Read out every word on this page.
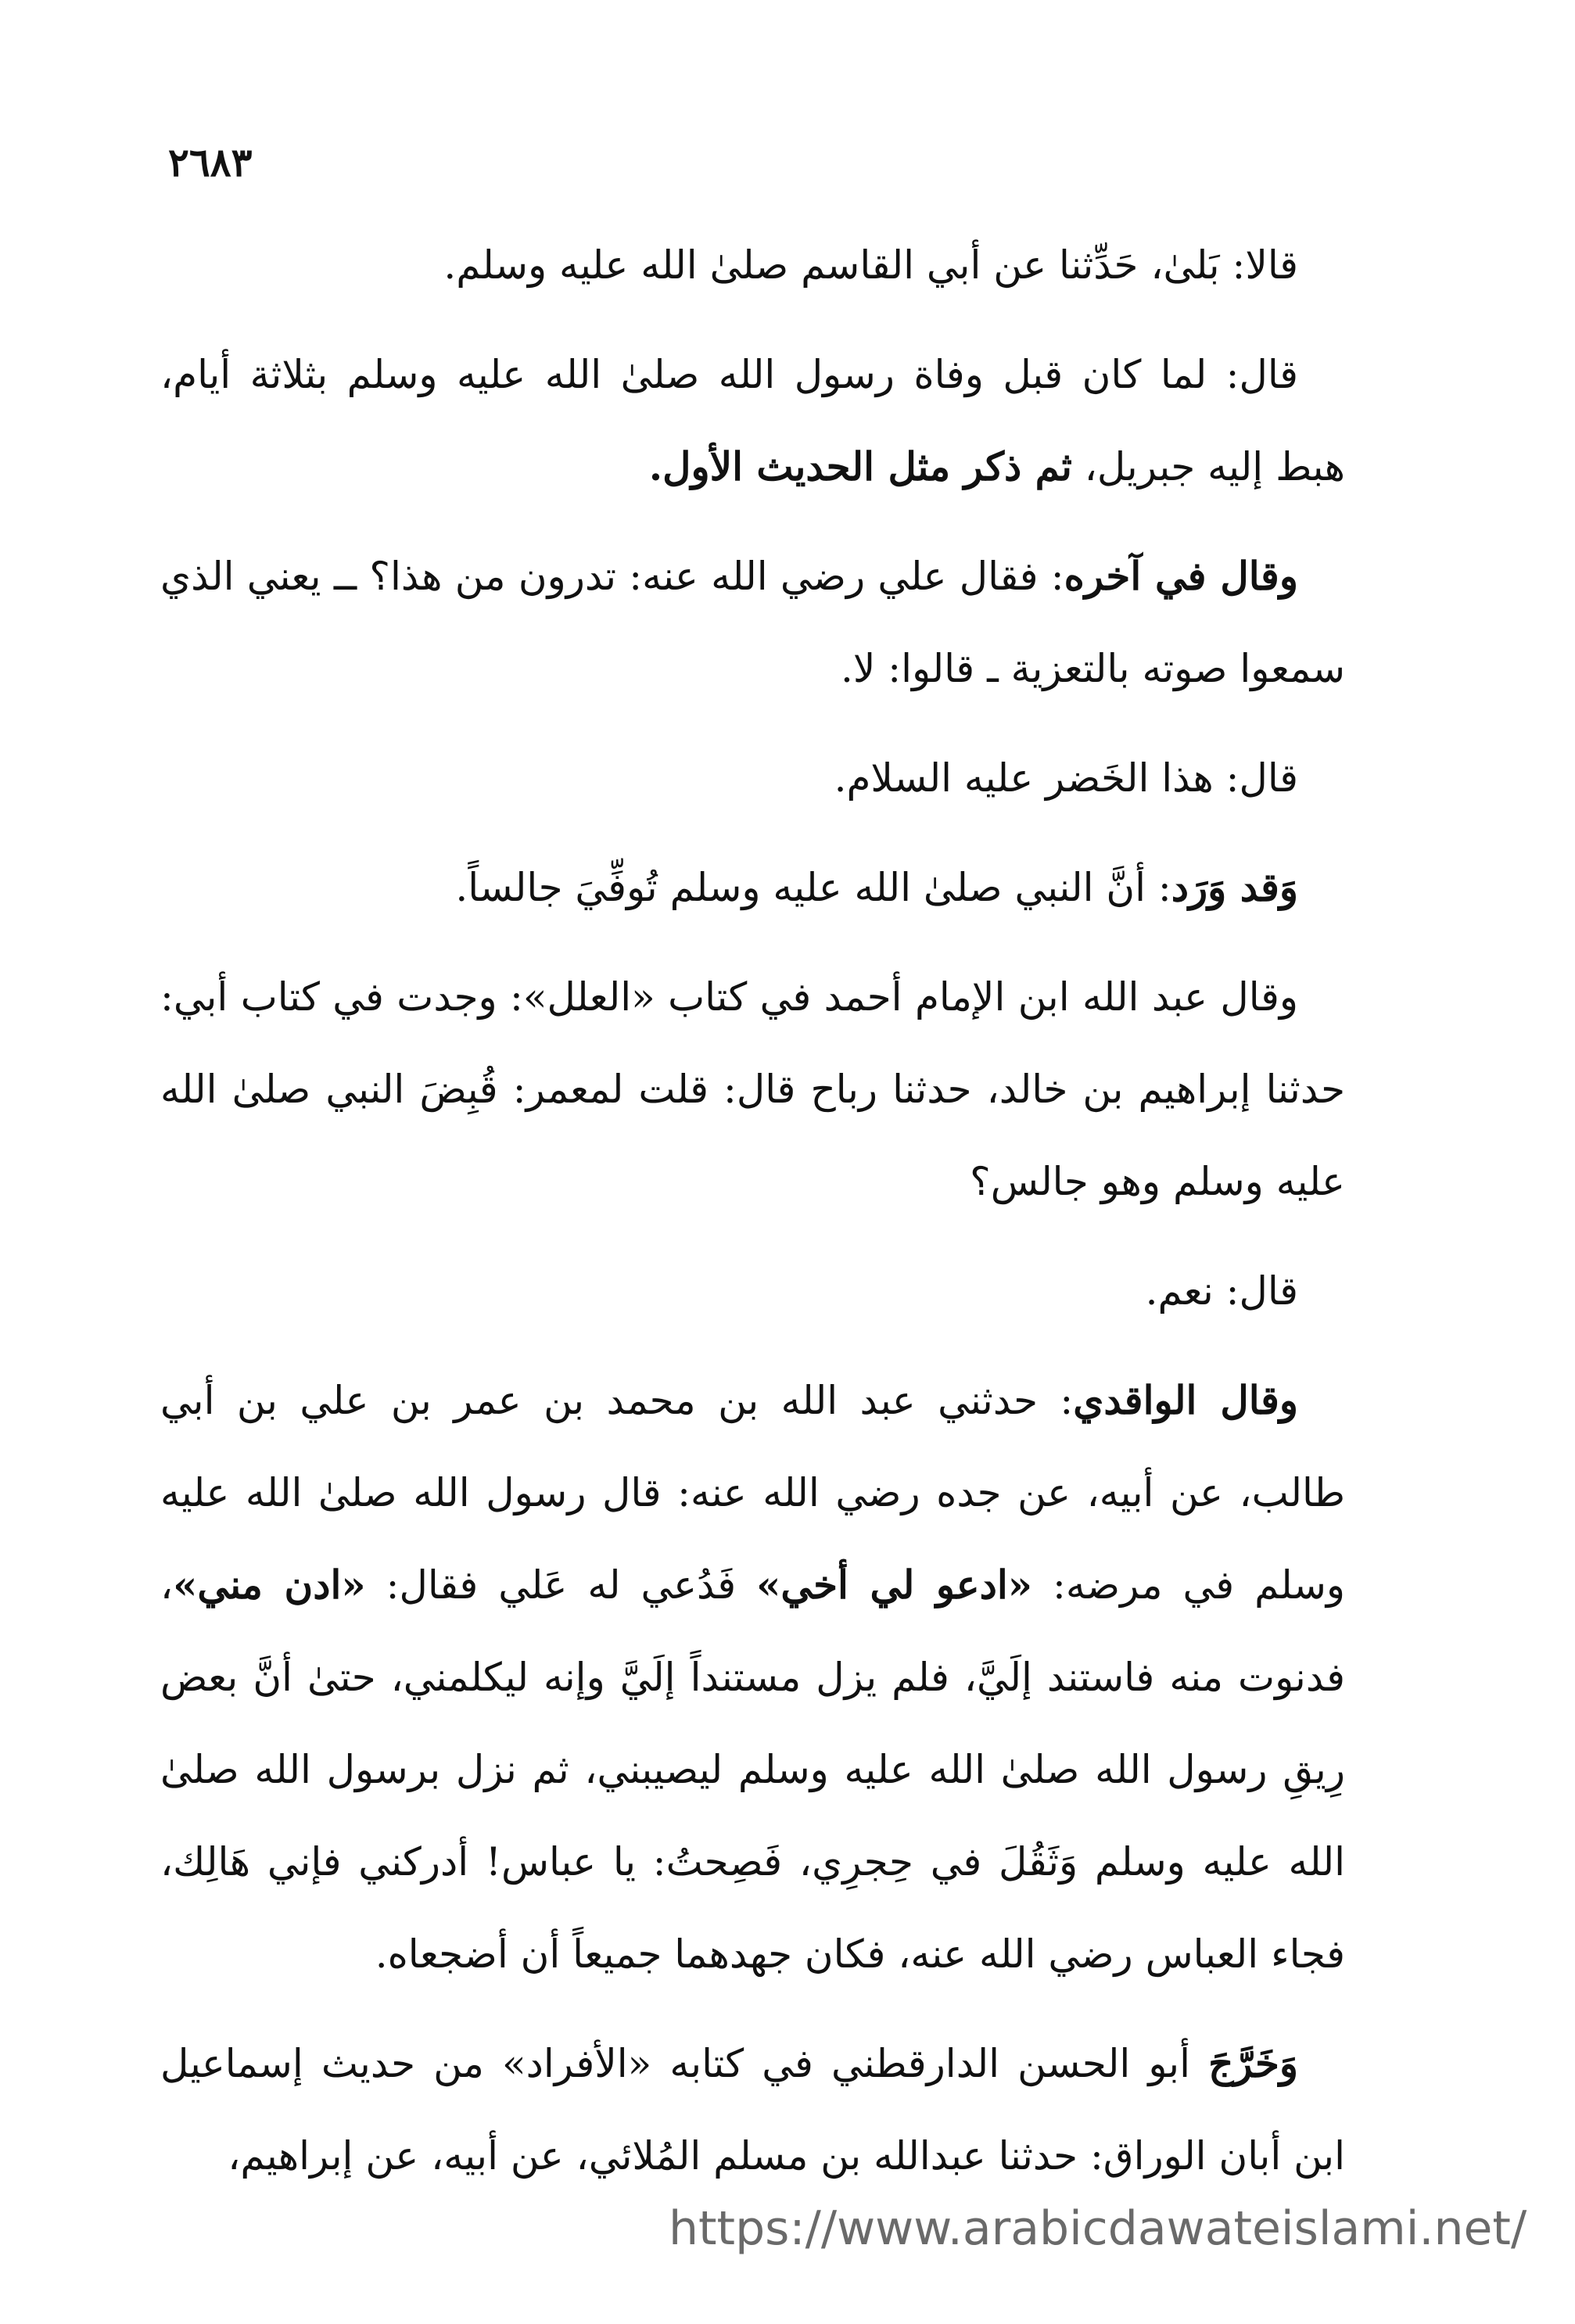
٢٦٨٣

قالا: بَلىٰ، حَدِّثنا عن أبي القاسم صلىٰ الله عليه وسلم.

قال: لما كان قبل وفاة رسول الله صلىٰ الله عليه وسلم بثلاثة أيام، هبط إليه جبريل، ثم ذكر مثل الحديث الأول.

وقال في آخره: فقال علي رضي الله عنه: تدرون من هذا؟ ــ يعني الذي سمعوا صوته بالتعزية ـ قالوا: لا.

قال: هذا الخَضر عليه السلام.

وَقد وَرَد: أنَّ النبي صلىٰ الله عليه وسلم تُوفِّيَ جالساً.

وقال عبد الله ابن الإمام أحمد في كتاب «العلل»: وجدت في كتاب أبي: حدثنا إبراهيم بن خالد، حدثنا رباح قال: قلت لمعمر: قُبِضَ النبي صلىٰ الله عليه وسلم وهو جالس؟

قال: نعم.

وقال الواقدي: حدثني عبد الله بن محمد بن عمر بن علي بن أبي طالب، عن أبيه، عن جده رضي الله عنه: قال رسول الله صلىٰ الله عليه وسلم في مرضه: «ادعو لي أخي» فَدُعي له عَلي فقال: «ادن مني»، فدنوت منه فاستند إلَيَّ، فلم يزل مستنداً إلَيَّ وإنه ليكلمني، حتىٰ أنَّ بعض رِيقِ رسول الله صلىٰ الله عليه وسلم ليصيبني، ثم نزل برسول الله صلىٰ الله عليه وسلم وَثَقُلَ في حِجرِي، فَصِحتُ: يا عباس! أدركني فإني هَالِك، فجاء العباس رضي الله عنه، فكان جهدهما جميعاً أن أضجعاه.

وَخَرَّجَ أبو الحسن الدارقطني في كتابه «الأفراد» من حديث إسماعيل ابن أبان الوراق: حدثنا عبدالله بن مسلم المُلائي، عن أبيه، عن إبراهيم،

https://www.arabicdawateislami.net/
